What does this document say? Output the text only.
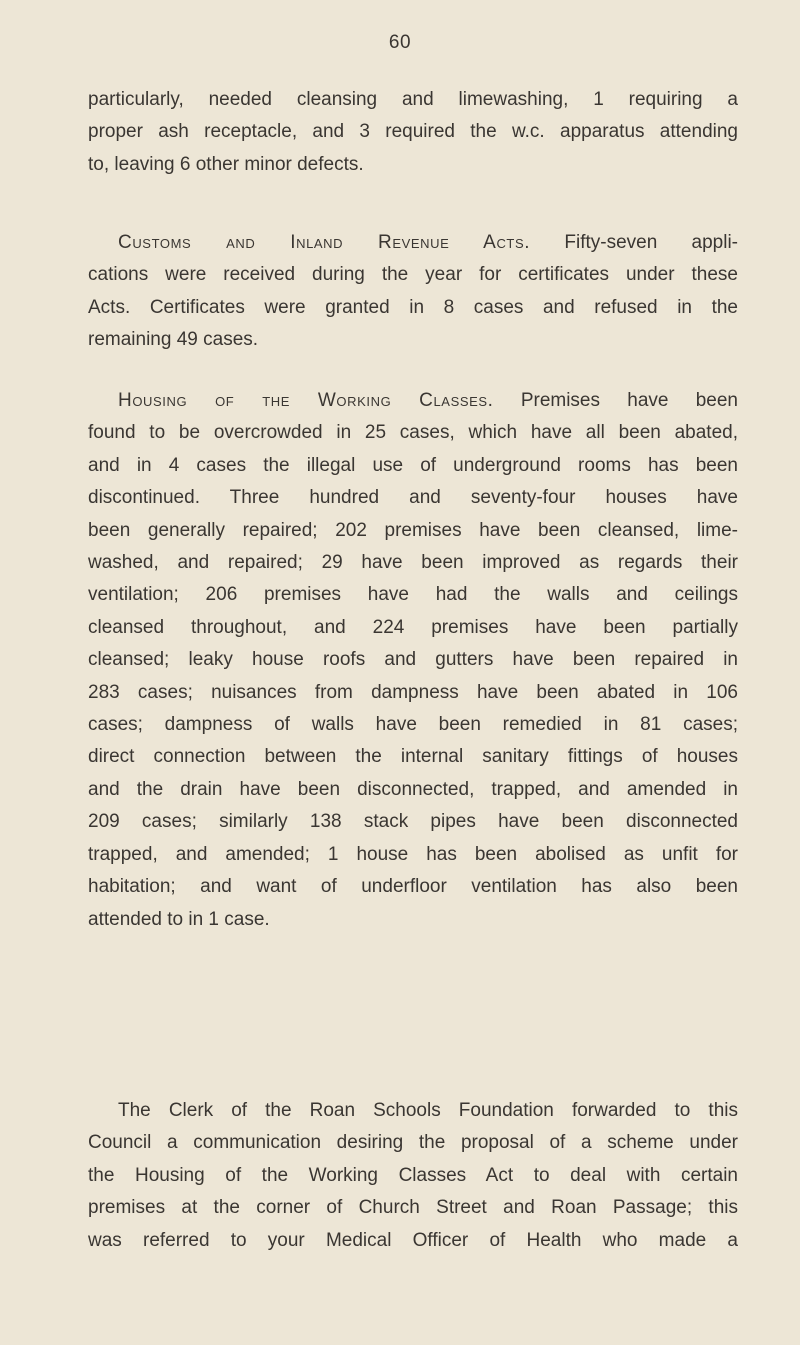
60
particularly, needed cleansing and limewashing, 1 requiring a
proper ash receptacle, and 3 required the w.c. apparatus attending
to, leaving 6 other minor defects.
Customs and Inland Revenue Acts. Fifty-seven appli-
cations were received during the year for certificates under these
Acts. Certificates were granted in 8 cases and refused in the
remaining 49 cases.
Housing of the Working Classes. Premises have been
found to be overcrowded in 25 cases, which have all been abated,
and in 4 cases the illegal use of underground rooms has been
discontinued. Three hundred and seventy-four houses have
been generally repaired; 202 premises have been cleansed, lime-
washed, and repaired; 29 have been improved as regards their
ventilation; 206 premises have had the walls and ceilings
cleansed throughout, and 224 premises have been partially
cleansed; leaky house roofs and gutters have been repaired in
283 cases; nuisances from dampness have been abated in 106
cases; dampness of walls have been remedied in 81 cases;
direct connection between the internal sanitary fittings of houses
and the drain have been disconnected, trapped, and amended in
209 cases; similarly 138 stack pipes have been disconnected
trapped, and amended; 1 house has been abolised as unfit for
habitation; and want of underfloor ventilation has also been
attended to in 1 case.
The Clerk of the Roan Schools Foundation forwarded to this
Council a communication desiring the proposal of a scheme under
the Housing of the Working Classes Act to deal with certain
premises at the corner of Church Street and Roan Passage; this
was referred to your Medical Officer of Health who made a
